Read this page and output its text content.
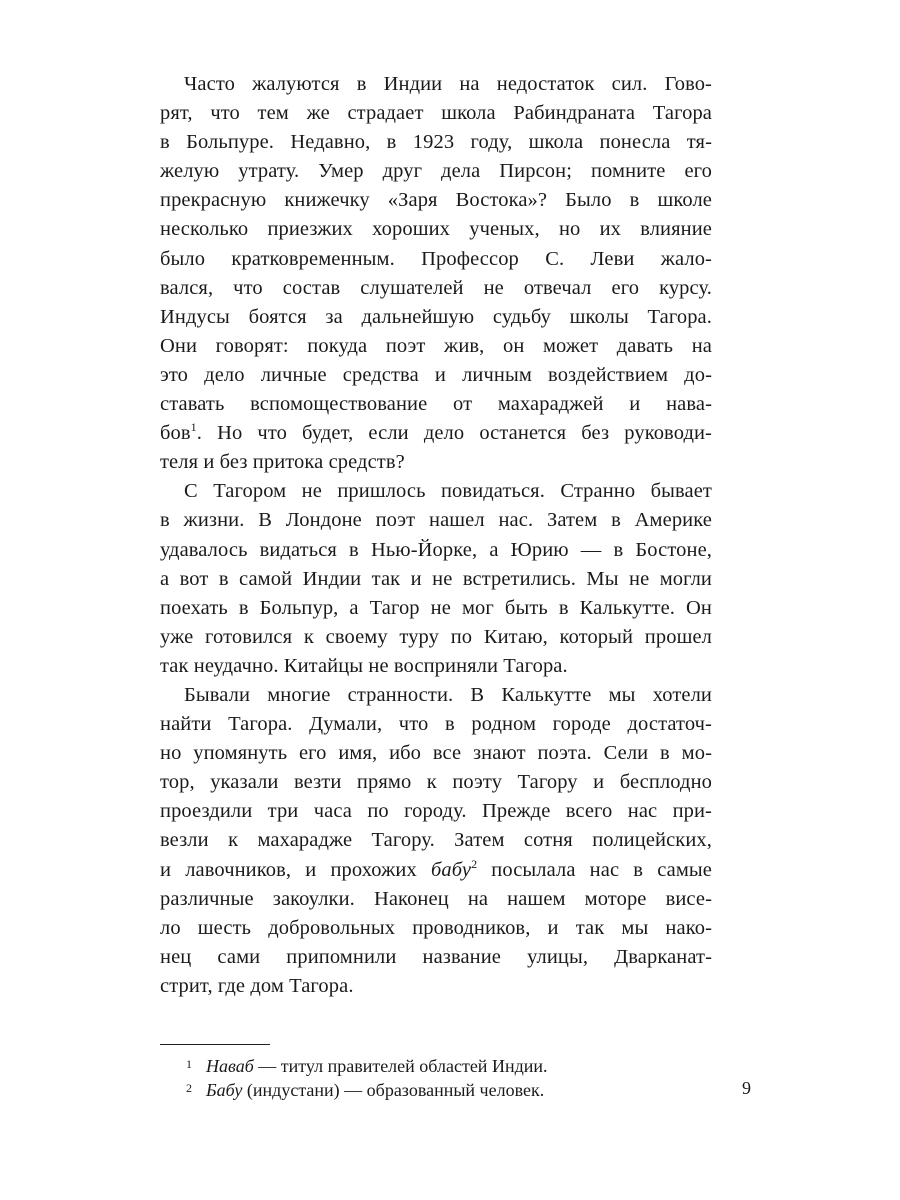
Часто жалуются в Индии на недостаток сил. Гово-
рят, что тем же страдает школа Рабиндраната Тагора
в Больпуре. Недавно, в 1923 году, школа понесла тя-
желую утрату. Умер друг дела Пирсон; помните его
прекрасную книжечку «Заря Востока»? Было в школе
несколько приезжих хороших ученых, но их влияние
было кратковременным. Профессор С. Леви жало-
вался, что состав слушателей не отвечал его курсу.
Индусы боятся за дальнейшую судьбу школы Тагора.
Они говорят: покуда поэт жив, он может давать на
это дело личные средства и личным воздействием до-
ставать вспомоществование от махараджей и нава-
бов$^1$. Но что будет, если дело останется без руководи-
теля и без притока средств?
С Тагором не пришлось повидаться. Странно бывает
в жизни. В Лондоне поэт нашел нас. Затем в Америке
удавалось видаться в Нью-Йорке, а Юрию — в Бостоне,
а вот в самой Индии так и не встретились. Мы не могли
поехать в Больпур, а Тагор не мог быть в Калькутте. Он
уже готовился к своему туру по Китаю, который прошел
так неудачно. Китайцы не восприняли Тагора.
Бывали многие странности. В Калькутте мы хотели
найти Тагора. Думали, что в родном городе достаточ-
но упомянуть его имя, ибо все знают поэта. Сели в мо-
тор, указали везти прямо к поэту Тагору и бесплодно
проездили три часа по городу. Прежде всего нас при-
везли к махарадже Тагору. Затем сотня полицейских,
и лавочников, и прохожих бабу$^2$ посылала нас в самые
различные закоулки. Наконец на нашем моторе висе-
ло шесть добровольных проводников, и так мы нако-
нец сами припомнили название улицы, Дварканат-
стрит, где дом Тагора.
1 Наваб — титул правителей областей Индии.
2 Бабу (индустани) — образованный человек.	9
